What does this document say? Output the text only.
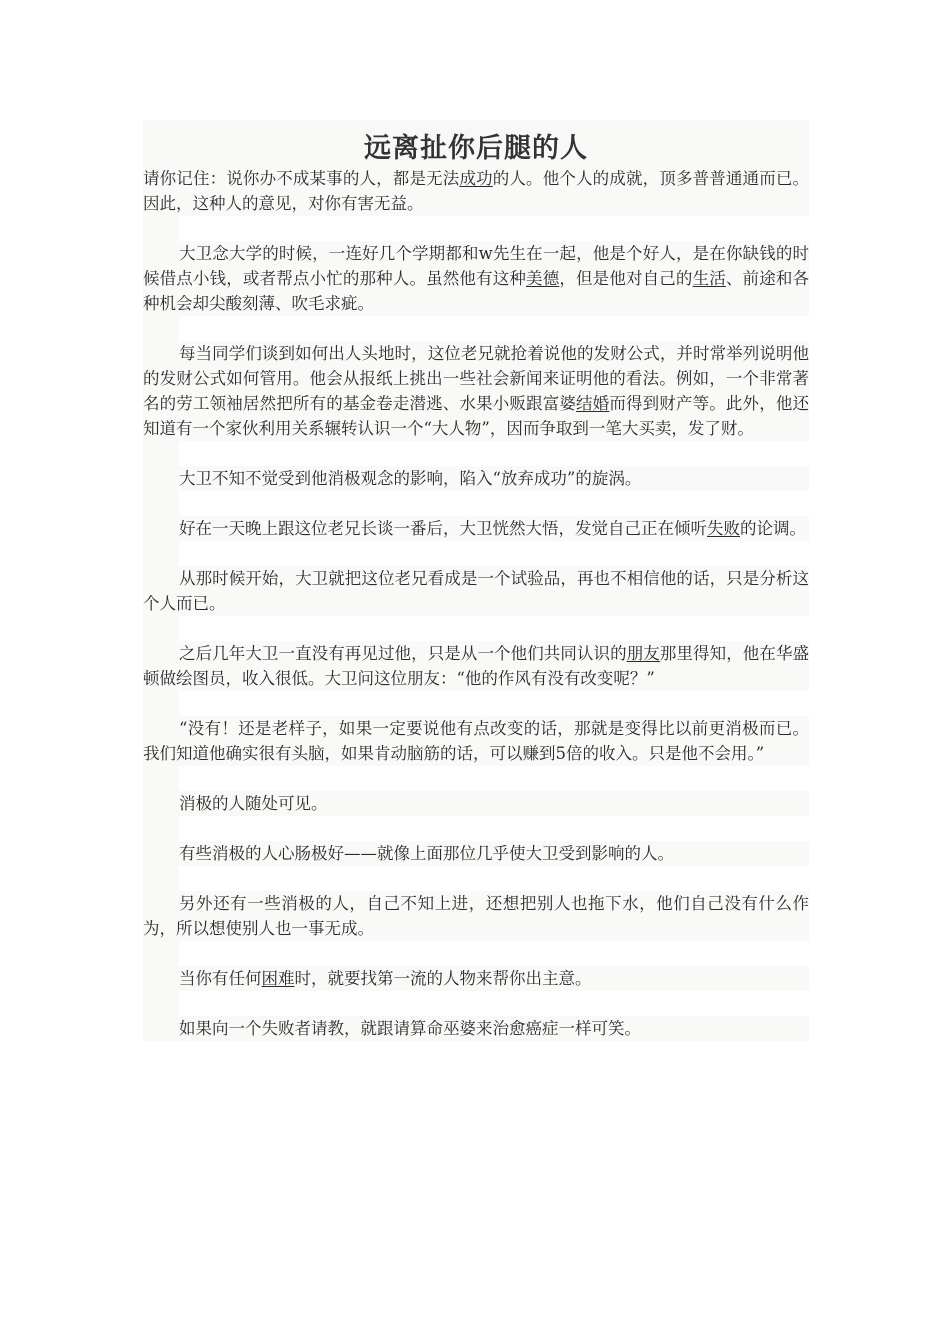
远离扯你后腿的人

请你记住：说你办不成某事的人，都是无法成功的人。他个人的成就，顶多普普通通而已。因此，这种人的意见，对你有害无益。

大卫念大学的时候，一连好几个学期都和w先生在一起，他是个好人，是在你缺钱的时候借点小钱，或者帮点小忙的那种人。虽然他有这种美德，但是他对自己的生活、前途和各种机会却尖酸刻薄、吹毛求疵。

每当同学们谈到如何出人头地时，这位老兄就抢着说他的发财公式，并时常举列说明他的发财公式如何管用。他会从报纸上挑出一些社会新闻来证明他的看法。例如，一个非常著名的劳工领袖居然把所有的基金卷走潜逃、水果小贩跟富婆结婚而得到财产等。此外，他还知道有一个家伙利用关系辗转认识一个“大人物”，因而争取到一笔大买卖，发了财。

大卫不知不觉受到他消极观念的影响，陷入“放弃成功”的旋涡。

好在一天晚上跟这位老兄长谈一番后，大卫恍然大悟，发觉自己正在倾听失败的论调。

从那时候开始，大卫就把这位老兄看成是一个试验品，再也不相信他的话，只是分析这个人而已。

之后几年大卫一直没有再见过他，只是从一个他们共同认识的朋友那里得知，他在华盛顿做绘图员，收入很低。大卫问这位朋友：“他的作风有没有改变呢？”

“没有！还是老样子，如果一定要说他有点改变的话，那就是变得比以前更消极而已。我们知道他确实很有头脑，如果肯动脑筋的话，可以赚到5倍的收入。只是他不会用。”

消极的人随处可见。

有些消极的人心肠极好——就像上面那位几乎使大卫受到影响的人。

另外还有一些消极的人，自己不知上进，还想把别人也拖下水，他们自己没有什么作为，所以想使别人也一事无成。

当你有任何困难时，就要找第一流的人物来帮你出主意。

如果向一个失败者请教，就跟请算命巫婆来治愈癌症一样可笑。
